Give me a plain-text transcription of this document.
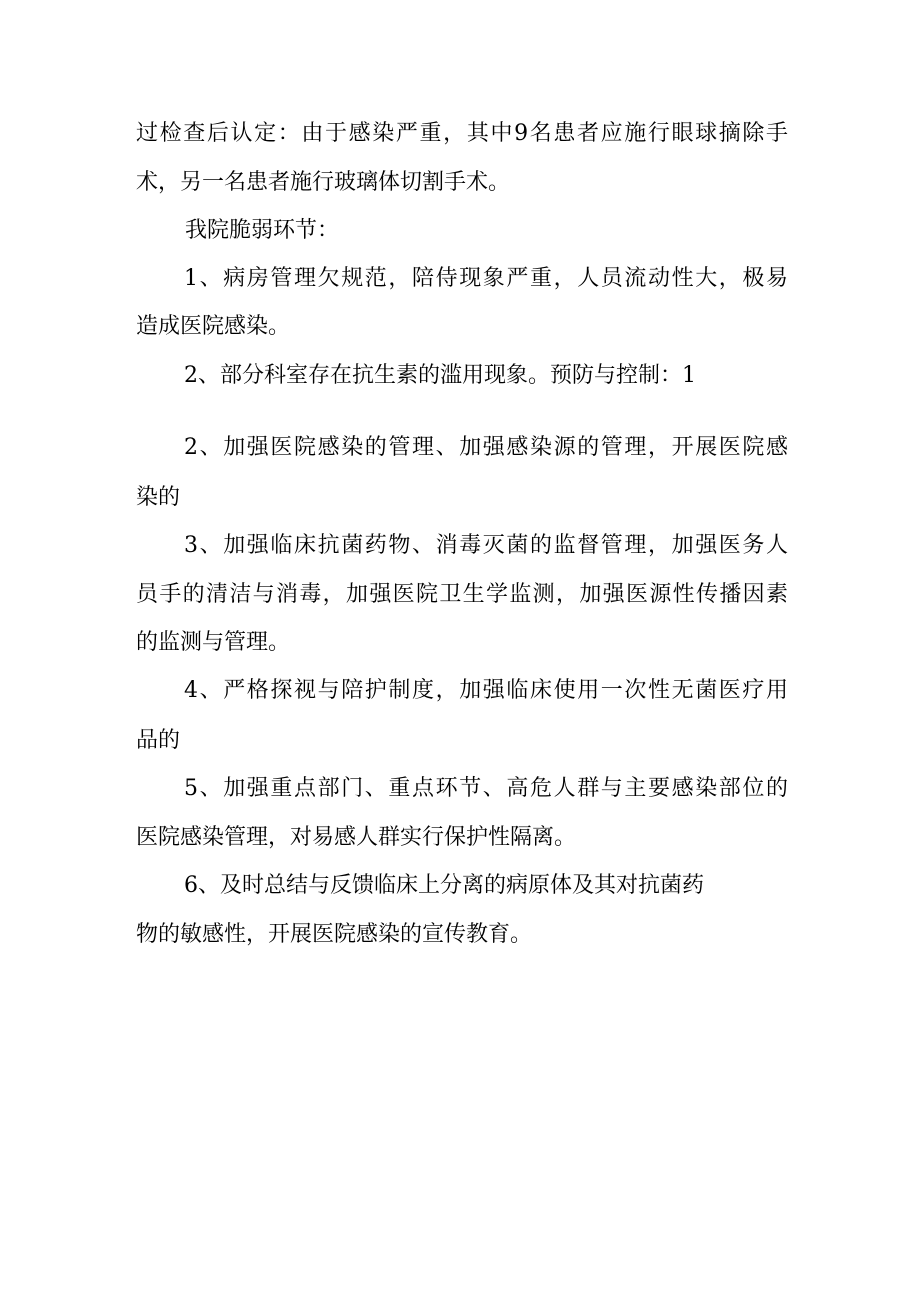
过检查后认定：由于感染严重，其中9名患者应施行眼球摘除手
术，另一名患者施行玻璃体切割手术。
我院脆弱环节：
1、病房管理欠规范，陪侍现象严重，人员流动性大，极易
造成医院感染。
2、部分科室存在抗生素的滥用现象。预防与控制：1
2、加强医院感染的管理、加强感染源的管理，开展医院感
染的
3、加强临床抗菌药物、消毒灭菌的监督管理，加强医务人
员手的清洁与消毒，加强医院卫生学监测，加强医源性传播因素
的监测与管理。
4、严格探视与陪护制度，加强临床使用一次性无菌医疗用
品的
5、加强重点部门、重点环节、高危人群与主要感染部位的
医院感染管理，对易感人群实行保护性隔离。
6、及时总结与反馈临床上分离的病原体及其对抗菌药
物的敏感性，开展医院感染的宣传教育。
